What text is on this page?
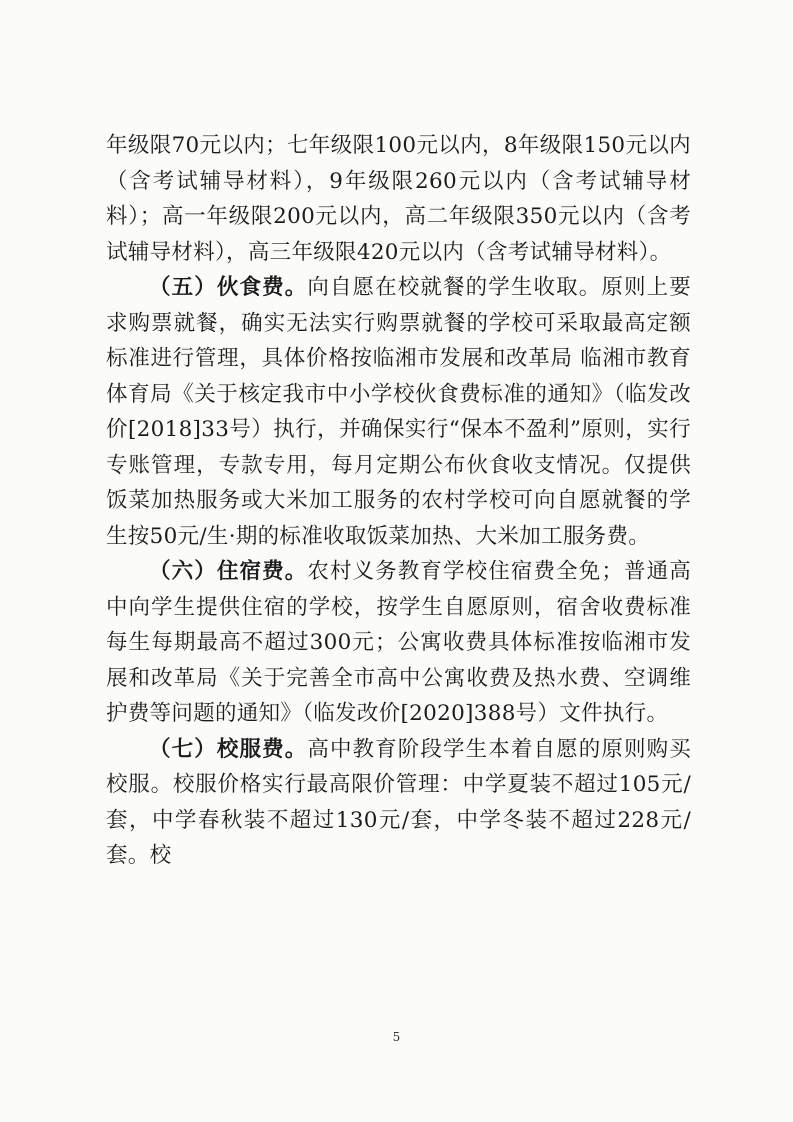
年级限70元以内；七年级限100元以内，8年级限150元以内（含考试辅导材料），9年级限260元以内（含考试辅导材料）；高一年级限200元以内，高二年级限350元以内（含考试辅导材料），高三年级限420元以内（含考试辅导材料）。

（五）伙食费。向自愿在校就餐的学生收取。原则上要求购票就餐，确实无法实行购票就餐的学校可采取最高定额标准进行管理，具体价格按临湘市发展和改革局 临湘市教育体育局《关于核定我市中小学校伙食费标准的通知》（临发改价[2018]33号）执行，并确保实行“保本不盈利”原则，实行专账管理，专款专用，每月定期公布伙食收支情况。仅提供饭菜加热服务或大米加工服务的农村学校可向自愿就餐的学生按50元/生·期的标准收取饭菜加热、大米加工服务费。

（六）住宿费。农村义务教育学校住宿费全免；普通高中向学生提供住宿的学校，按学生自愿原则，宿舍收费标准每生每期最高不超过300元；公寓收费具体标准按临湘市发展和改革局《关于完善全市高中公寓收费及热水费、空调维护费等问题的通知》（临发改价[2020]388号）文件执行。

（七）校服费。高中教育阶段学生本着自愿的原则购买校服。校服价格实行最高限价管理：中学夏装不超过105元/套，中学春秋装不超过130元/套，中学冬装不超过228元/套。校

5
